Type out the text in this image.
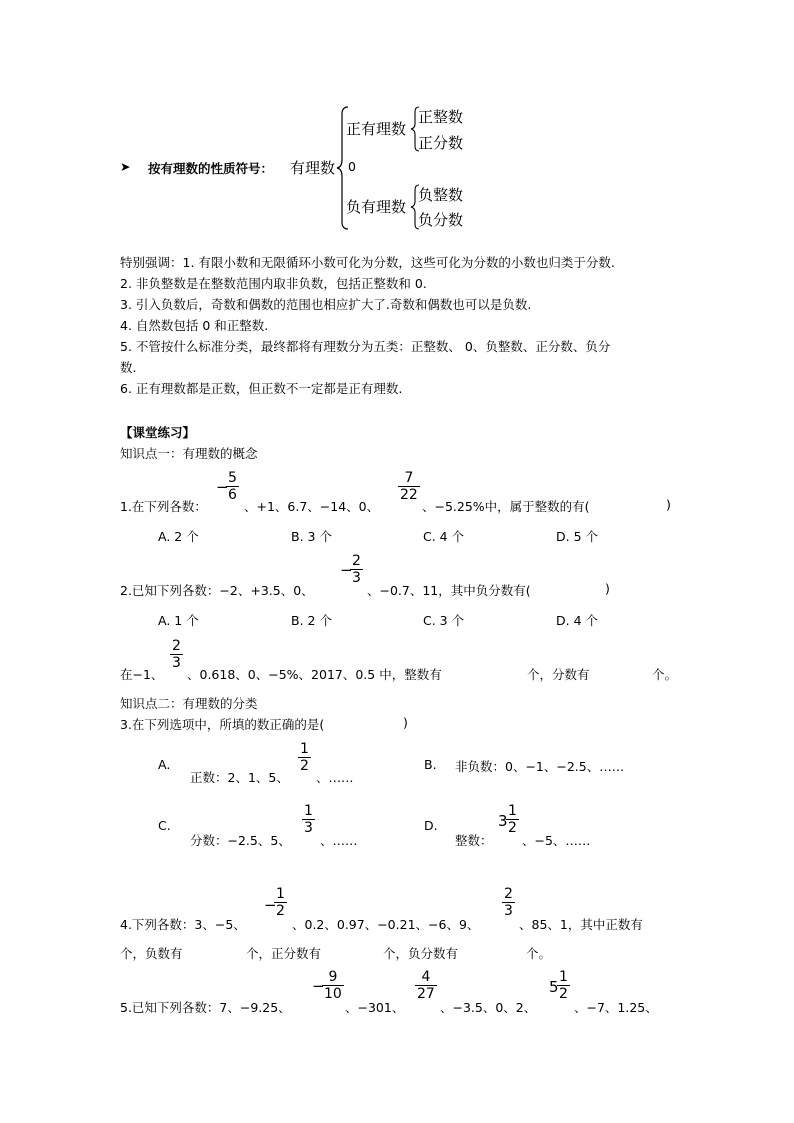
➤ 按有理数的性质符号： 有理数
正有理数
正整数
正分数
0
负有理数
负整数
负分数
特别强调：1. 有限小数和无限循环小数可化为分数，这些可化为分数的小数也归类于分数.
2. 非负整数是在整数范围内取非负数，包括正整数和 0.
3. 引入负数后，奇数和偶数的范围也相应扩大了.奇数和偶数也可以是负数.
4. 自然数包括 0 和正整数.
5. 不管按什么标准分类，最终都将有理数分为五类：正整数、 0、负整数、正分数、负分
数.
6. 正有理数都是正数，但正数不一定都是正有理数.
【课堂练习】
知识点一：有理数的概念
1.在下列各数：
−
$\frac{5}{6}$
、+1、6.7、−14、0、
$\frac{7}{22}$
、−5.25%中，属于整数的有(	)
A. 2 个	B. 3 个	C. 4 个	D. 5 个
2.已知下列各数：−2、+3.5、0、
−
$\frac{2}{3}$
、−0.7、11，其中负分数有(	)
A. 1 个	B. 2 个	C. 3 个	D. 4 个
在−1、
$\frac{2}{3}$
、0.618、0、−5%、2017、0.5 中，整数有	个，分数有	个。
知识点二：有理数的分类
3.在下列选项中，所填的数正确的是(	)
A.
正数：2、1、5、
$\frac{1}{2}$
、……
B. 非负数：0、−1、−2.5、……
C.
分数：−2.5、5、
$\frac{1}{3}$
、……
D.
整数：
3
$\frac{1}{2}$
、−5、……
4.下列各数：3、−5、
−
$\frac{1}{2}$
、0.2、0.97、−0.21、−6、9、
$\frac{2}{3}$
、85、1，其中正数有
个，负数有	个，正分数有	个，负分数有	个。
5.已知下列各数：7、−9.25、
−
$\frac{9}{10}$
、−301、
$\frac{4}{27}$
、−3.5、0、2、
5
$\frac{1}{2}$
、−7、1.25、
